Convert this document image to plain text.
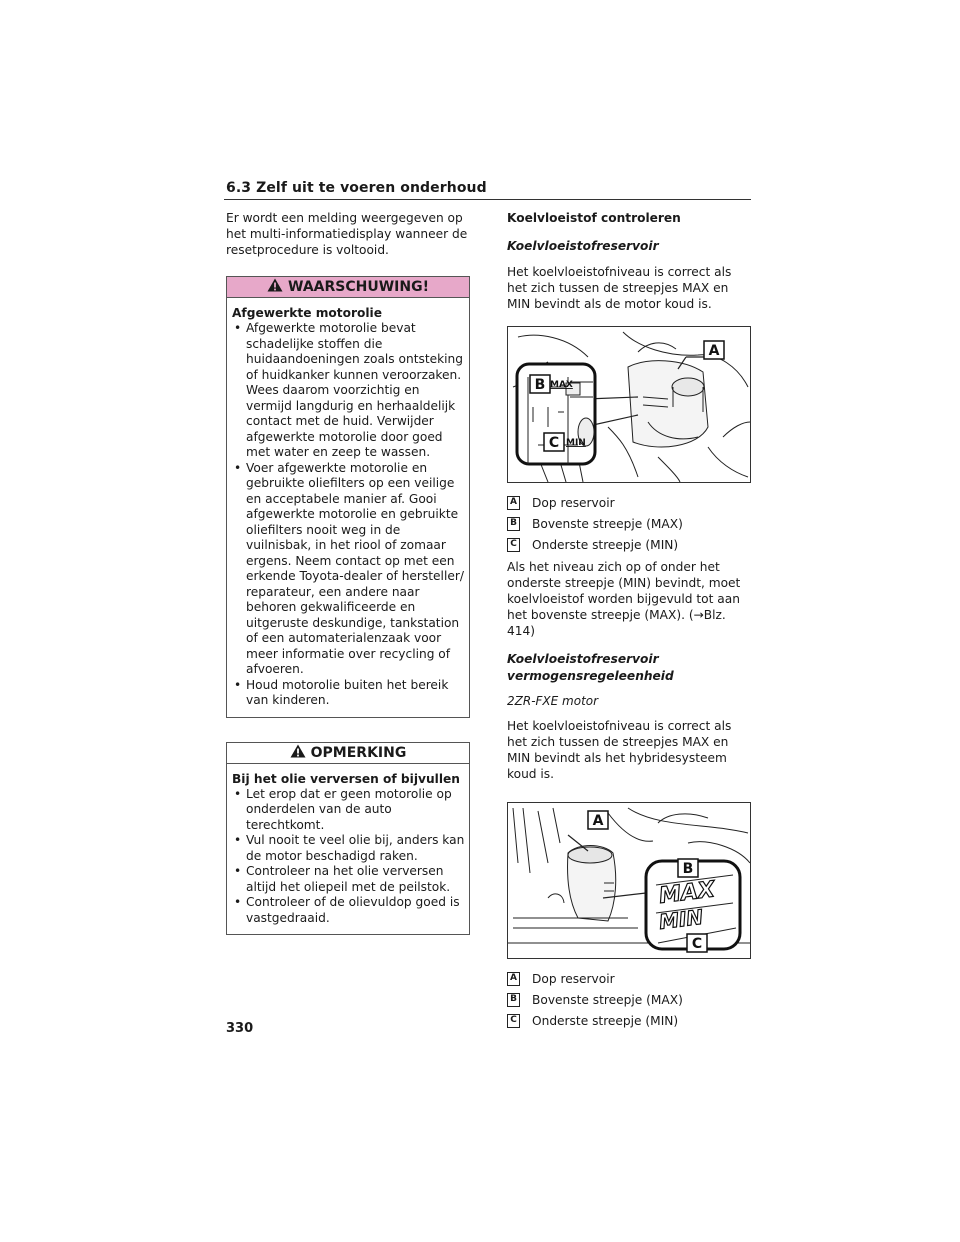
6.3 Zelf uit te voeren onderhoud

Er wordt een melding weergegeven op het multi-informatiedisplay wanneer de resetprocedure is voltooid.

WAARSCHUWING!
Afgewerkte motorolie
• Afgewerkte motorolie bevat schadelijke stoffen die huidaandoeningen zoals ontsteking of huidkanker kunnen veroorzaken. Wees daarom voorzichtig en vermijd langdurig en herhaaldelijk contact met de huid. Verwijder afgewerkte motorolie door goed met water en zeep te wassen.
• Voer afgewerkte motorolie en gebruikte oliefilters op een veilige en acceptabele manier af. Gooi afgewerkte motorolie en gebruikte oliefilters nooit weg in de vuilnisbak, in het riool of zomaar ergens. Neem contact op met een erkende Toyota-dealer of hersteller/ reparateur, een andere naar behoren gekwalificeerde en uitgeruste deskundige, tankstation of een automaterialenzaak voor meer informatie over recycling of afvoeren.
• Houd motorolie buiten het bereik van kinderen.
OPMERKING
Bij het olie verversen of bijvullen
• Let erop dat er geen motorolie op onderdelen van de auto terechtkomt.
• Vul nooit te veel olie bij, anders kan de motor beschadigd raken.
• Controleer na het olie verversen altijd het oliepeil met de peilstok.
• Controleer of de olievuldop goed is vastgedraaid.
Koelvloeistof controleren
Koelvloeistofreservoir

Het koelvloeistofniveau is correct als het zich tussen de streepjes MAX en MIN bevindt als de motor koud is.

MAX
MIN
A
B
C
A Dop reservoir
B Bovenste streepje (MAX)
C Onderste streepje (MIN)

Als het niveau zich op of onder het onderste streepje (MIN) bevindt, moet koelvloeistof worden bijgevuld tot aan het bovenste streepje (MAX). (→Blz. 414)

Koelvloeistofreservoir
vermogensregeleenheid
2ZR-FXE motor

Het koelvloeistofniveau is correct als het zich tussen de streepjes MAX en MIN bevindt als het hybridesysteem koud is.

MAX
MIN
A
B
C
A Dop reservoir
B Bovenste streepje (MAX)
C Onderste streepje (MIN)
330
